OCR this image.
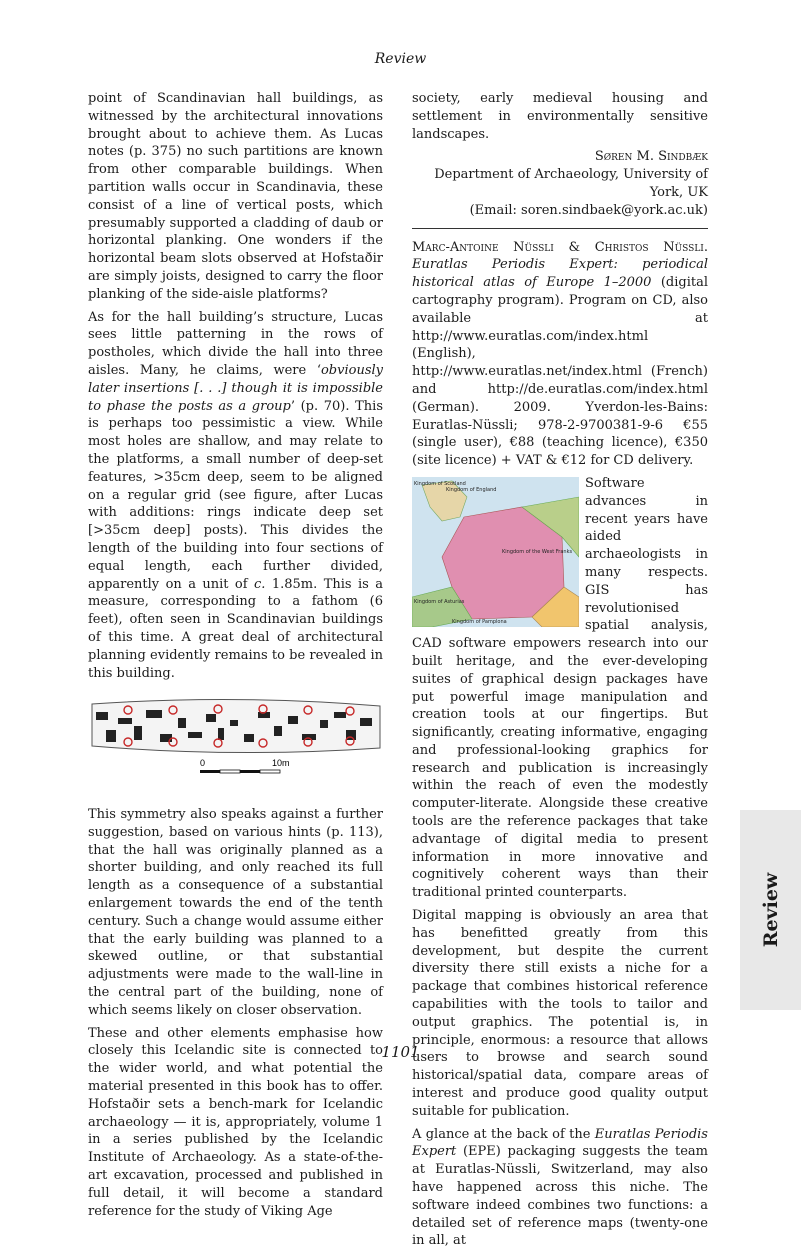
Review

point of Scandinavian hall buildings, as witnessed by the architectural innovations brought about to achieve them. As Lucas notes (p. 375) no such partitions are known from other comparable buildings. When partition walls occur in Scandinavia, these consist of a line of vertical posts, which presumably supported a cladding of daub or horizontal planking. One wonders if the horizontal beam slots observed at Hofstaðir are simply joists, designed to carry the floor planking of the side-aisle platforms?

As for the hall building’s structure, Lucas sees little patterning in the rows of postholes, which divide the hall into three aisles. Many, he claims, were ‘obviously later insertions [. . .] though it is impossible to phase the posts as a group’ (p. 70). This is perhaps too pessimistic a view. While most holes are shallow, and may relate to the platforms, a small number of deep-set features, >35cm deep, seem to be aligned on a regular grid (see figure, after Lucas with additions: rings indicate deep set [>35cm deep] posts). This divides the length of the building into four sections of equal length, each further divided, apparently on a unit of c. 1.85m. This is a measure, corresponding to a fathom (6 feet), often seen in Scandinavian buildings of this time. A great deal of architectural planning evidently remains to be revealed in this building.

0	10m

This symmetry also speaks against a further suggestion, based on various hints (p. 113), that the hall was originally planned as a shorter building, and only reached its full length as a consequence of a substantial enlargement towards the end of the tenth century. Such a change would assume either that the early building was planned to a skewed outline, or that substantial adjustments were made to the wall-line in the central part of the building, none of which seems likely on closer observation.

These and other elements emphasise how closely this Icelandic site is connected to the wider world, and what potential the material presented in this book has to offer. Hofstaðir sets a bench-mark for Icelandic archaeology — it is, appropriately, volume 1 in a series published by the Icelandic Institute of Archaeology. As a state-of-the-art excavation, processed and published in full detail, it will become a standard reference for the study of Viking Age

society, early medieval housing and settlement in environmentally sensitive landscapes.

Søren M. Sindbæk
Department of Archaeology, University of York, UK
(Email: soren.sindbaek@york.ac.uk)

Marc-Antoine Nüssli & Christos Nüssli. Euratlas Periodis Expert: periodical historical atlas of Europe 1–2000 (digital cartography program). Program on CD, also available at http://www.euratlas.com/index.html (English), http://www.euratlas.net/index.html (French) and http://de.euratlas.com/index.html (German). 2009. Yverdon-les-Bains: Euratlas-Nüssli; 978-2-9700381-9-6 €55 (single user), €88 (teaching licence), €350 (site licence) + VAT & €12 for CD delivery.

Kingdom of Scotland
Kingdom of England
Kingdom of the West Franks
Kingdom of Asturias
Kingdom of Pamplona

Software advances in recent years have aided archaeologists in many respects. GIS has revolutionised spatial analysis, CAD software empowers research into our built heritage, and the ever-developing suites of graphical design packages have put powerful image manipulation and creation tools at our fingertips. But significantly, creating informative, engaging and professional-looking graphics for research and publication is increasingly within the reach of even the modestly computer-literate. Alongside these creative tools are the reference packages that take advantage of digital media to present information in more innovative and cognitively coherent ways than their traditional printed counterparts.

Digital mapping is obviously an area that has benefitted greatly from this development, but despite the current diversity there still exists a niche for a package that combines historical reference capabilities with the tools to tailor and output graphics. The potential is, in principle, enormous: a resource that allows users to browse and search sound historical/spatial data, compare areas of interest and produce good quality output suitable for publication.

A glance at the back of the Euratlas Periodis Expert (EPE) packaging suggests the team at Euratlas-Nüssli, Switzerland, may also have happened across this niche. The software indeed combines two functions: a detailed set of reference maps (twenty-one in all, at

Review
1101
